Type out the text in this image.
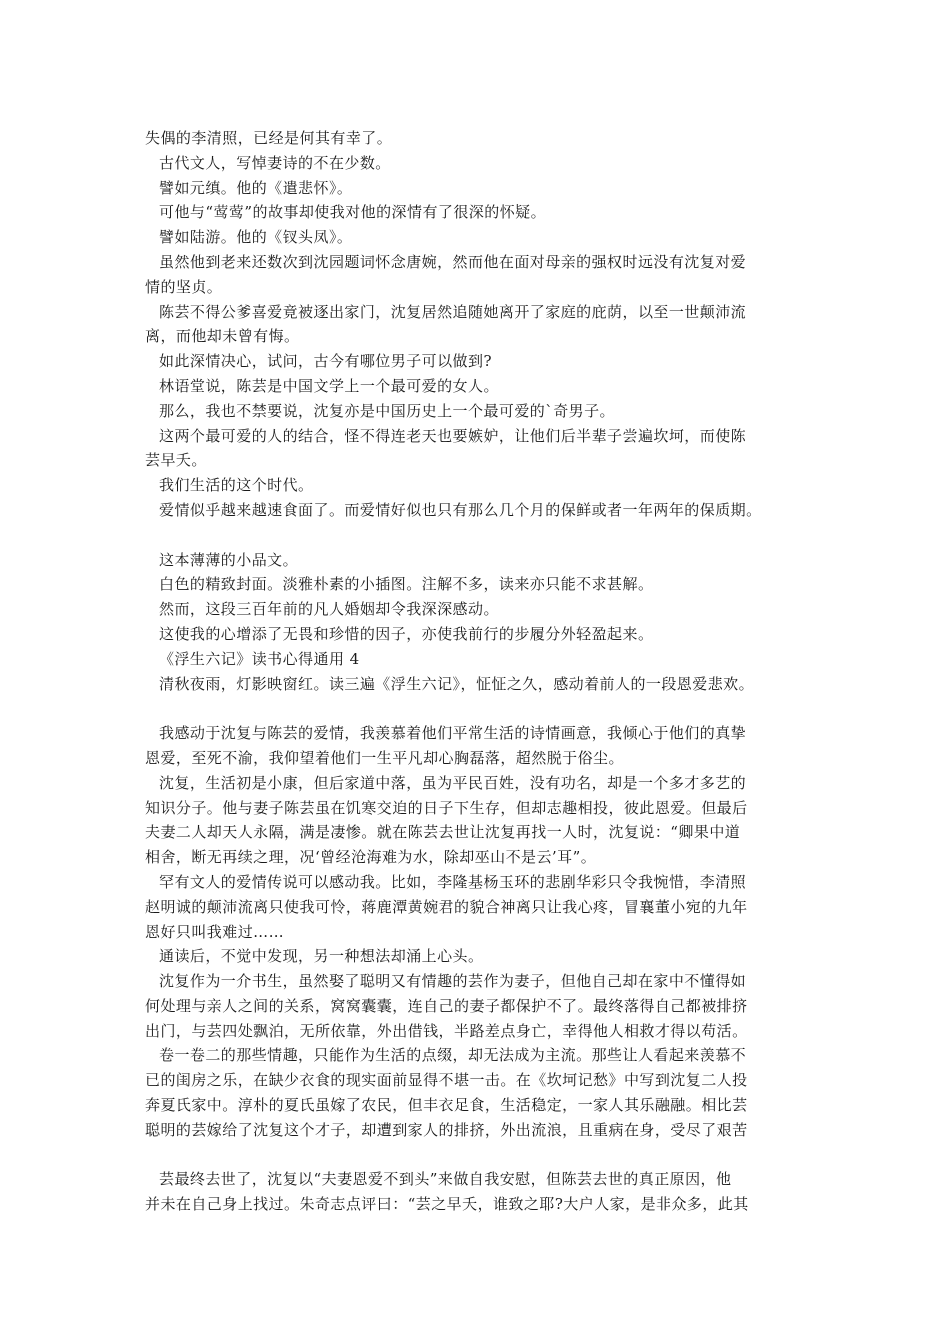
失偶的李清照，已经是何其有幸了。
古代文人，写悼妻诗的不在少数。
譬如元缜。他的《遣悲怀》。
可他与“莺莺”的故事却使我对他的深情有了很深的怀疑。
譬如陆游。他的《钗头凤》。
虽然他到老来还数次到沈园题词怀念唐婉，然而他在面对母亲的强权时远没有沈复对爱
情的坚贞。
陈芸不得公爹喜爱竟被逐出家门，沈复居然追随她离开了家庭的庇荫，以至一世颠沛流
离，而他却未曾有悔。
如此深情决心，试问，古今有哪位男子可以做到?
林语堂说，陈芸是中国文学上一个最可爱的女人。
那么，我也不禁要说，沈复亦是中国历史上一个最可爱的`奇男子。
这两个最可爱的人的结合，怪不得连老天也要嫉妒，让他们后半辈子尝遍坎坷，而使陈
芸早夭。
我们生活的这个时代。
爱情似乎越来越速食面了。而爱情好似也只有那么几个月的保鲜或者一年两年的保质期。
这本薄薄的小品文。
白色的精致封面。淡雅朴素的小插图。注解不多，读来亦只能不求甚解。
然而，这段三百年前的凡人婚姻却令我深深感动。
这使我的心增添了无畏和珍惜的因子，亦使我前行的步履分外轻盈起来。
《浮生六记》读书心得通用 4
清秋夜雨，灯影映窗红。读三遍《浮生六记》，怔怔之久，感动着前人的一段恩爱悲欢。
我感动于沈复与陈芸的爱情，我羡慕着他们平常生活的诗情画意，我倾心于他们的真挚
恩爱，至死不渝，我仰望着他们一生平凡却心胸磊落，超然脱于俗尘。
沈复，生活初是小康，但后家道中落，虽为平民百姓，没有功名，却是一个多才多艺的
知识分子。他与妻子陈芸虽在饥寒交迫的日子下生存，但却志趣相投，彼此恩爱。但最后
夫妻二人却天人永隔，满是凄惨。就在陈芸去世让沈复再找一人时，沈复说：“卿果中道
相舍，断无再续之理，况‘曾经沧海难为水，除却巫山不是云’耳”。
罕有文人的爱情传说可以感动我。比如，李隆基杨玉环的悲剧华彩只令我惋惜，李清照
赵明诚的颠沛流离只使我可怜，蒋鹿潭黄婉君的貌合神离只让我心疼，冒襄董小宛的九年
恩好只叫我难过……
通读后，不觉中发现，另一种想法却涌上心头。
沈复作为一介书生，虽然娶了聪明又有情趣的芸作为妻子，但他自己却在家中不懂得如
何处理与亲人之间的关系，窝窝囊囊，连自己的妻子都保护不了。最终落得自己都被排挤
出门，与芸四处飘泊，无所依靠，外出借钱，半路差点身亡，幸得他人相救才得以苟活。
卷一卷二的那些情趣，只能作为生活的点缀，却无法成为主流。那些让人看起来羡慕不
已的闺房之乐，在缺少衣食的现实面前显得不堪一击。在《坎坷记愁》中写到沈复二人投
奔夏氏家中。淳朴的夏氏虽嫁了农民，但丰衣足食，生活稳定，一家人其乐融融。相比芸
聪明的芸嫁给了沈复这个才子，却遭到家人的排挤，外出流浪，且重病在身，受尽了艰苦
芸最终去世了，沈复以“夫妻恩爱不到头”来做自我安慰，但陈芸去世的真正原因，他
并未在自己身上找过。朱奇志点评曰：“芸之早夭，谁致之耶?大户人家，是非众多，此其
